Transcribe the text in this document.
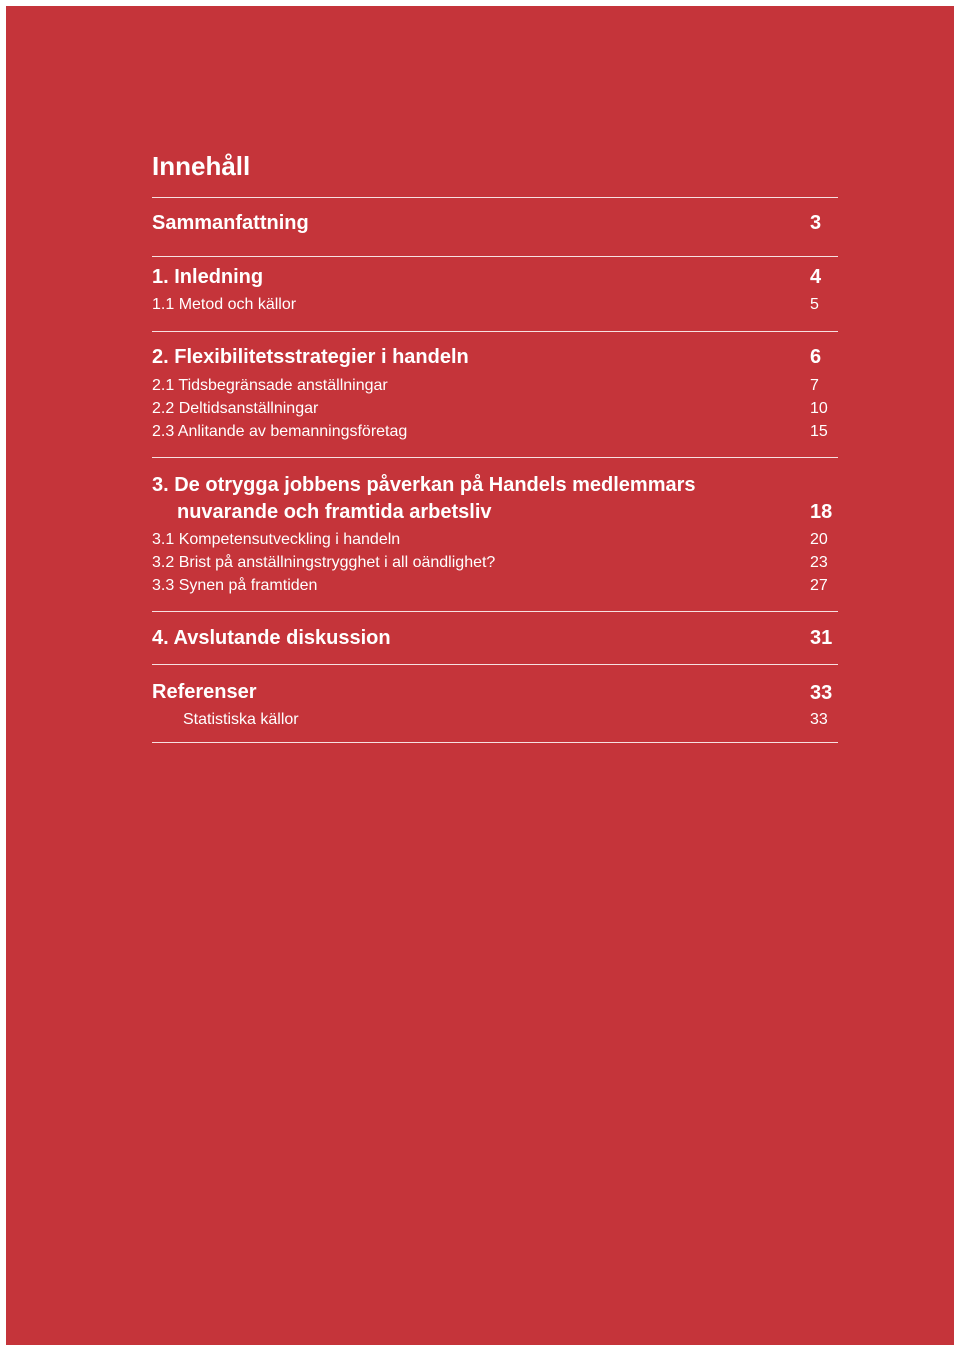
Innehåll
Sammanfattning	3
1. Inledning	4
1.1 Metod och källor	5
2. Flexibilitetsstrategier i handeln	6
2.1 Tidsbegränsade anställningar	7
2.2 Deltidsanställningar	10
2.3 Anlitande av bemanningsföretag	15
3. De otrygga jobbens påverkan på Handels medlemmars
nuvarande och framtida arbetsliv	18
3.1 Kompetensutveckling i handeln	20
3.2 Brist på anställningstrygghet i all oändlighet?	23
3.3 Synen på framtiden	27
4. Avslutande diskussion	31
Referenser	33
Statistiska källor	33
